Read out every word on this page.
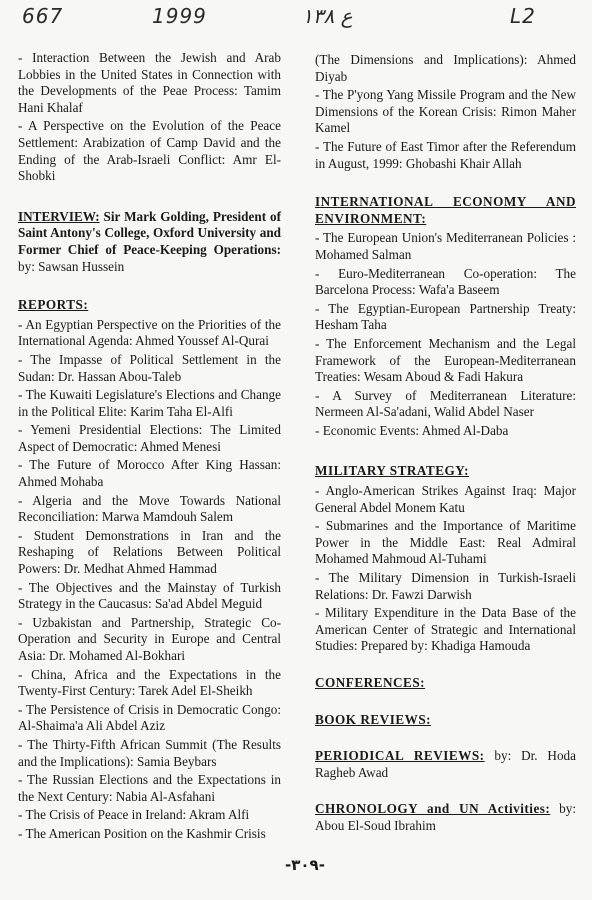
667	1999	ع ١٣٨	L2

- Interaction Between the Jewish and Arab Lobbies in the United States in Connection with the Developments of the Peae Process: Tamim Hani Khalaf

- A Perspective on the Evolution of the Peace Settlement: Arabization of Camp David and the Ending of the Arab-Israeli Conflict: Amr El-Shobki

INTERVIEW: Sir Mark Golding, President of Saint Antony's College, Oxford University and Former Chief of Peace-Keeping Operations: by: Sawsan Hussein

REPORTS:

- An Egyptian Perspective on the Priorities of the International Agenda: Ahmed Youssef Al-Qurai

- The Impasse of Political Settlement in the Sudan: Dr. Hassan Abou-Taleb

- The Kuwaiti Legislature's Elections and Change in the Political Elite: Karim Taha El-Alfi

- Yemeni Presidential Elections: The Limited Aspect of Democratic: Ahmed Menesi

- The Future of Morocco After King Hassan: Ahmed Mohaba

- Algeria and the Move Towards National Reconciliation: Marwa Mamdouh Salem

- Student Demonstrations in Iran and the Reshaping of Relations Between Political Powers: Dr. Medhat Ahmed Hammad

- The Objectives and the Mainstay of Turkish Strategy in the Caucasus: Sa'ad Abdel Meguid

- Uzbakistan and Partnership, Strategic Co-Operation and Security in Europe and Central Asia: Dr. Mohamed Al-Bokhari

- China, Africa and the Expectations in the Twenty-First Century: Tarek Adel El-Sheikh

- The Persistence of Crisis in Democratic Congo: Al-Shaima'a Ali Abdel Aziz

- The Thirty-Fifth African Summit (The Results and the Implications): Samia Beybars

- The Russian Elections and the Expectations in the Next Century: Nabia Al-Asfahani

- The Crisis of Peace in Ireland: Akram Alfi

- The American Position on the Kashmir Crisis

(The Dimensions and Implications): Ahmed Diyab

- The P'yong Yang Missile Program and the New Dimensions of the Korean Crisis: Rimon Maher Kamel

- The Future of East Timor after the Referendum in August, 1999: Ghobashi Khair Allah

INTERNATIONAL ECONOMY AND ENVIRONMENT:

- The European Union's Mediterranean Policies : Mohamed Salman

- Euro-Mediterranean Co-operation: The Barcelona Process: Wafa'a Baseem

- The Egyptian-European Partnership Treaty: Hesham Taha

- The Enforcement Mechanism and the Legal Framework of the European-Mediterranean Treaties: Wesam Aboud & Fadi Hakura

- A Survey of Mediterranean Literature: Nermeen Al-Sa'adani, Walid Abdel Naser

- Economic Events: Ahmed Al-Daba

MILITARY STRATEGY:

- Anglo-American Strikes Against Iraq: Major General Abdel Monem Katu

- Submarines and the Importance of Maritime Power in the Middle East: Real Admiral Mohamed Mahmoud Al-Tuhami

- The Military Dimension in Turkish-Israeli Relations: Dr. Fawzi Darwish

- Military Expenditure in the Data Base of the American Center of Strategic and International Studies: Prepared by: Khadiga Hamouda

CONFERENCES:

BOOK REVIEWS:

PERIODICAL REVIEWS: by: Dr. Hoda Ragheb Awad

CHRONOLOGY and UN Activities: by: Abou El-Soud Ibrahim

-٣٠٩-
